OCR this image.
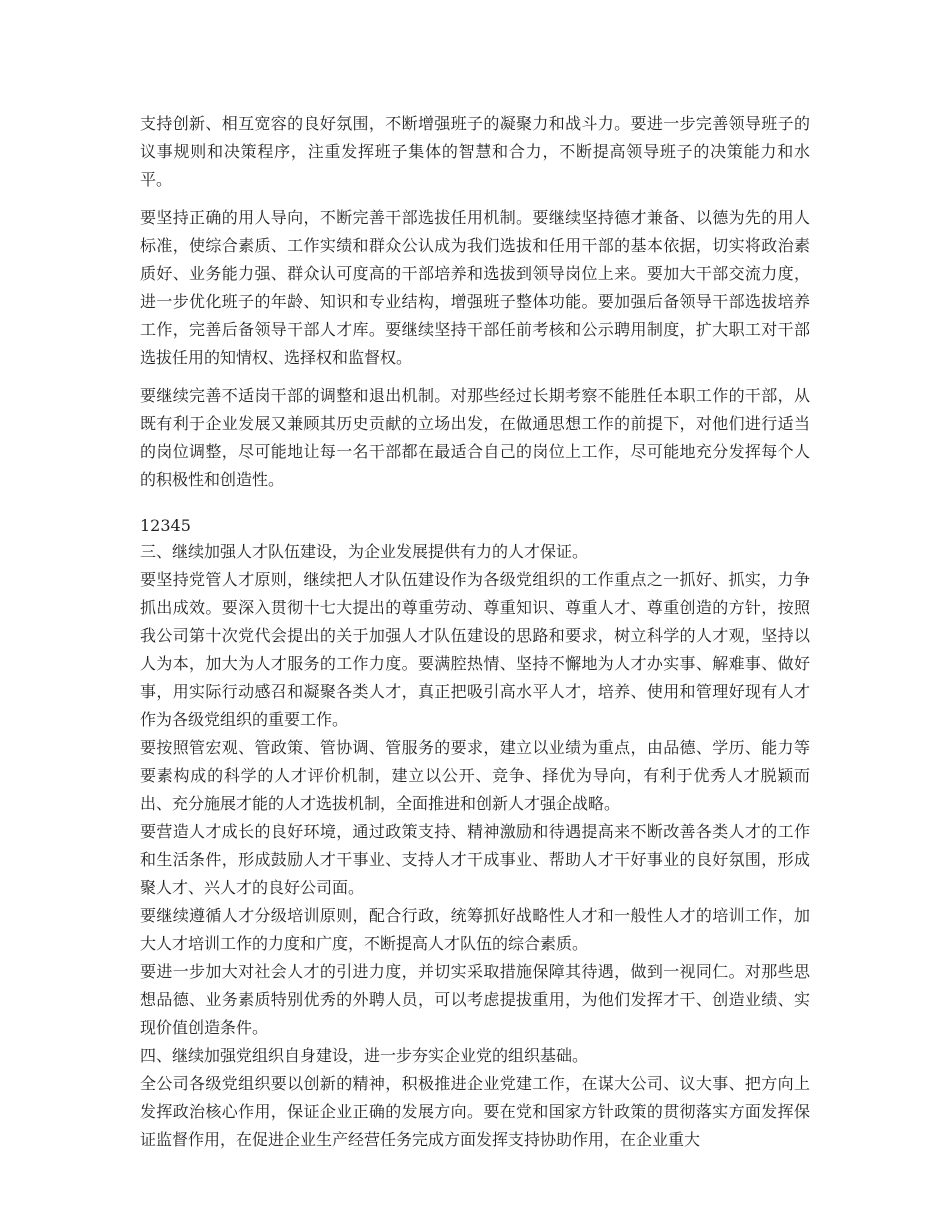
支持创新、相互宽容的良好氛围，不断增强班子的凝聚力和战斗力。要进一步完善领导班子的议事规则和决策程序，注重发挥班子集体的智慧和合力，不断提高领导班子的决策能力和水平。

要坚持正确的用人导向，不断完善干部选拔任用机制。要继续坚持德才兼备、以德为先的用人标准，使综合素质、工作实绩和群众公认成为我们选拔和任用干部的基本依据，切实将政治素质好、业务能力强、群众认可度高的干部培养和选拔到领导岗位上来。要加大干部交流力度，进一步优化班子的年龄、知识和专业结构，增强班子整体功能。要加强后备领导干部选拔培养工作，完善后备领导干部人才库。要继续坚持干部任前考核和公示聘用制度，扩大职工对干部选拔任用的知情权、选择权和监督权。

要继续完善不适岗干部的调整和退出机制。对那些经过长期考察不能胜任本职工作的干部，从既有利于企业发展又兼顾其历史贡献的立场出发，在做通思想工作的前提下，对他们进行适当的岗位调整，尽可能地让每一名干部都在最适合自己的岗位上工作，尽可能地充分发挥每个人的积极性和创造性。

12345

三、继续加强人才队伍建设，为企业发展提供有力的人才保证。

要坚持党管人才原则，继续把人才队伍建设作为各级党组织的工作重点之一抓好、抓实，力争抓出成效。要深入贯彻十七大提出的尊重劳动、尊重知识、尊重人才、尊重创造的方针，按照我公司第十次党代会提出的关于加强人才队伍建设的思路和要求，树立科学的人才观，坚持以人为本，加大为人才服务的工作力度。要满腔热情、坚持不懈地为人才办实事、解难事、做好事，用实际行动感召和凝聚各类人才，真正把吸引高水平人才，培养、使用和管理好现有人才作为各级党组织的重要工作。

要按照管宏观、管政策、管协调、管服务的要求，建立以业绩为重点，由品德、学历、能力等要素构成的科学的人才评价机制，建立以公开、竞争、择优为导向，有利于优秀人才脱颖而出、充分施展才能的人才选拔机制，全面推进和创新人才强企战略。

要营造人才成长的良好环境，通过政策支持、精神激励和待遇提高来不断改善各类人才的工作和生活条件，形成鼓励人才干事业、支持人才干成事业、帮助人才干好事业的良好氛围，形成聚人才、兴人才的良好公司面。

要继续遵循人才分级培训原则，配合行政，统筹抓好战略性人才和一般性人才的培训工作，加大人才培训工作的力度和广度，不断提高人才队伍的综合素质。

要进一步加大对社会人才的引进力度，并切实采取措施保障其待遇，做到一视同仁。对那些思想品德、业务素质特别优秀的外聘人员，可以考虑提拔重用，为他们发挥才干、创造业绩、实现价值创造条件。

四、继续加强党组织自身建设，进一步夯实企业党的组织基础。

全公司各级党组织要以创新的精神，积极推进企业党建工作，在谋大公司、议大事、把方向上发挥政治核心作用，保证企业正确的发展方向。要在党和国家方针政策的贯彻落实方面发挥保证监督作用，在促进企业生产经营任务完成方面发挥支持协助作用，在企业重大
